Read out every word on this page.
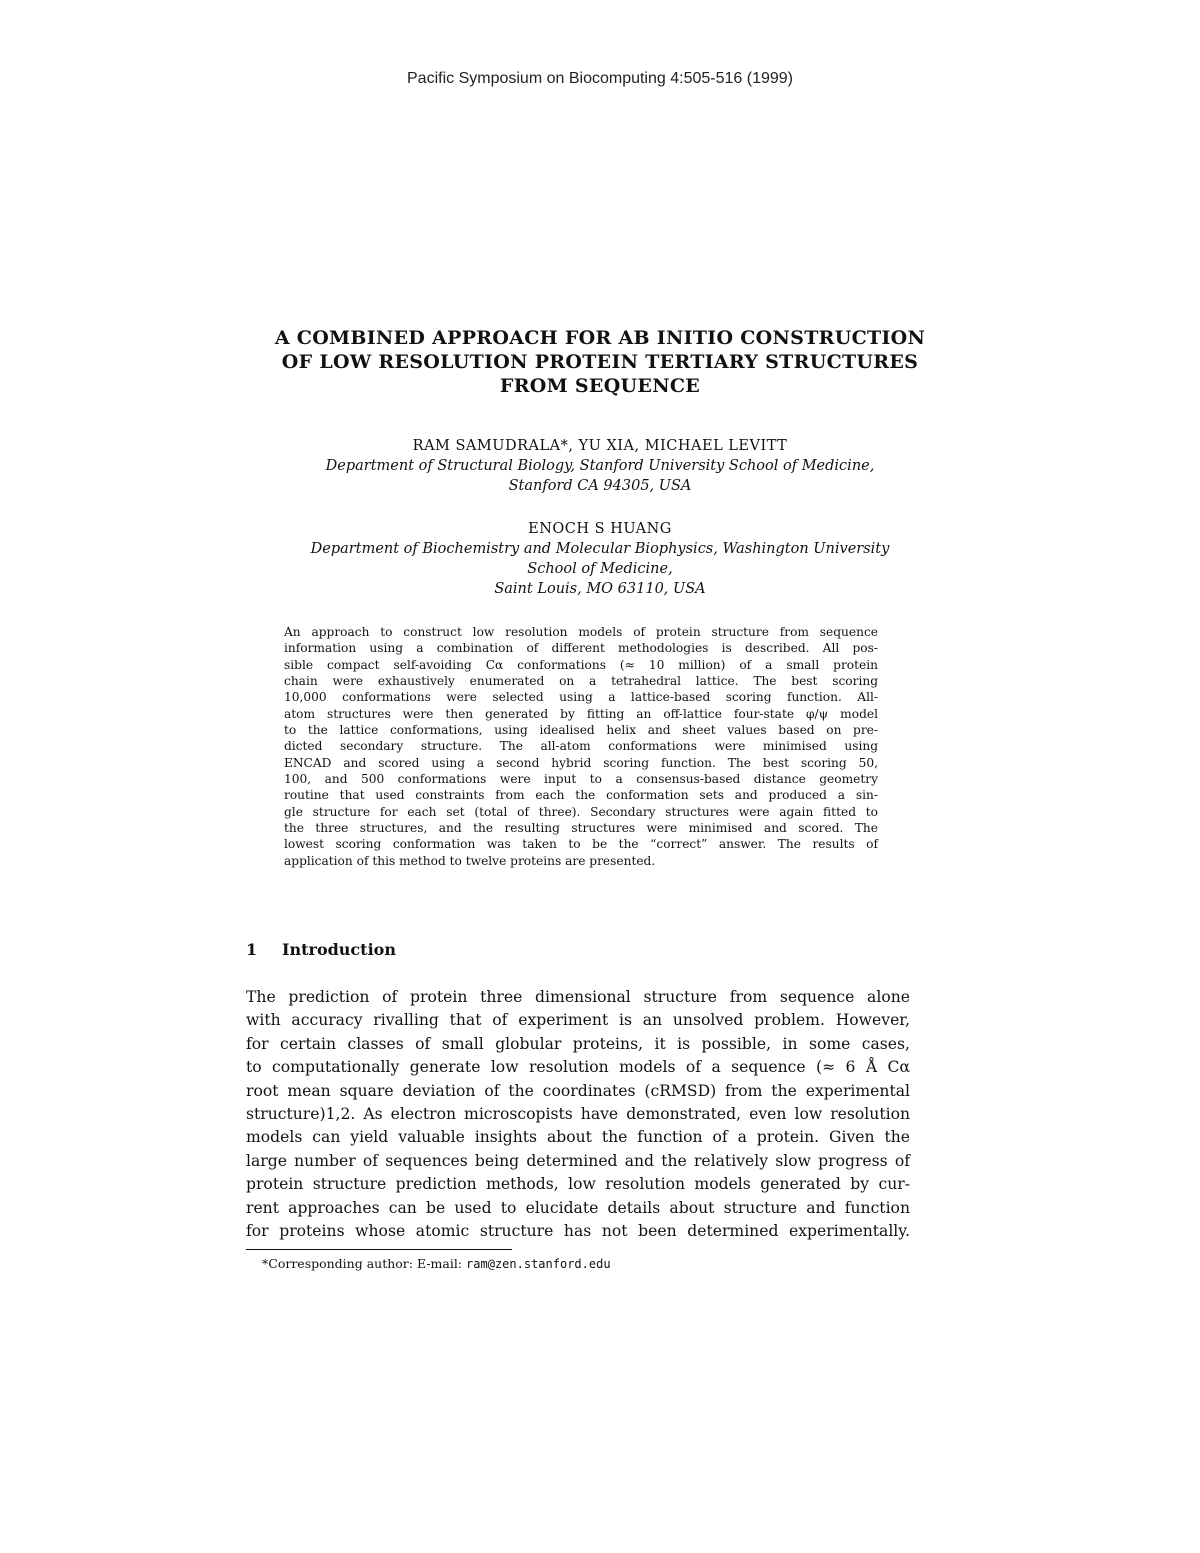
Pacific Symposium on Biocomputing 4:505-516 (1999)
A COMBINED APPROACH FOR AB INITIO CONSTRUCTION
OF LOW RESOLUTION PROTEIN TERTIARY STRUCTURES
FROM SEQUENCE
RAM SAMUDRALA*, YU XIA, MICHAEL LEVITT
Department of Structural Biology, Stanford University School of Medicine,
Stanford CA 94305, USA
ENOCH S HUANG
Department of Biochemistry and Molecular Biophysics, Washington University
School of Medicine,
Saint Louis, MO 63110, USA
An approach to construct low resolution models of protein structure from sequence
information using a combination of different methodologies is described. All pos-
sible compact self-avoiding Cα conformations (≈ 10 million) of a small protein
chain were exhaustively enumerated on a tetrahedral lattice. The best scoring
10,000 conformations were selected using a lattice-based scoring function. All-
atom structures were then generated by fitting an off-lattice four-state φ/ψ model
to the lattice conformations, using idealised helix and sheet values based on pre-
dicted secondary structure. The all-atom conformations were minimised using
ENCAD and scored using a second hybrid scoring function. The best scoring 50,
100, and 500 conformations were input to a consensus-based distance geometry
routine that used constraints from each the conformation sets and produced a sin-
gle structure for each set (total of three). Secondary structures were again fitted to
the three structures, and the resulting structures were minimised and scored. The
lowest scoring conformation was taken to be the “correct” answer. The results of
application of this method to twelve proteins are presented.
1 Introduction
The prediction of protein three dimensional structure from sequence alone
with accuracy rivalling that of experiment is an unsolved problem. However,
for certain classes of small globular proteins, it is possible, in some cases,
to computationally generate low resolution models of a sequence (≈ 6 Å Cα
root mean square deviation of the coordinates (cRMSD) from the experimental
structure)1,2. As electron microscopists have demonstrated, even low resolution
models can yield valuable insights about the function of a protein. Given the
large number of sequences being determined and the relatively slow progress of
protein structure prediction methods, low resolution models generated by cur-
rent approaches can be used to elucidate details about structure and function
for proteins whose atomic structure has not been determined experimentally.
*Corresponding author: E-mail: ram@zen.stanford.edu
